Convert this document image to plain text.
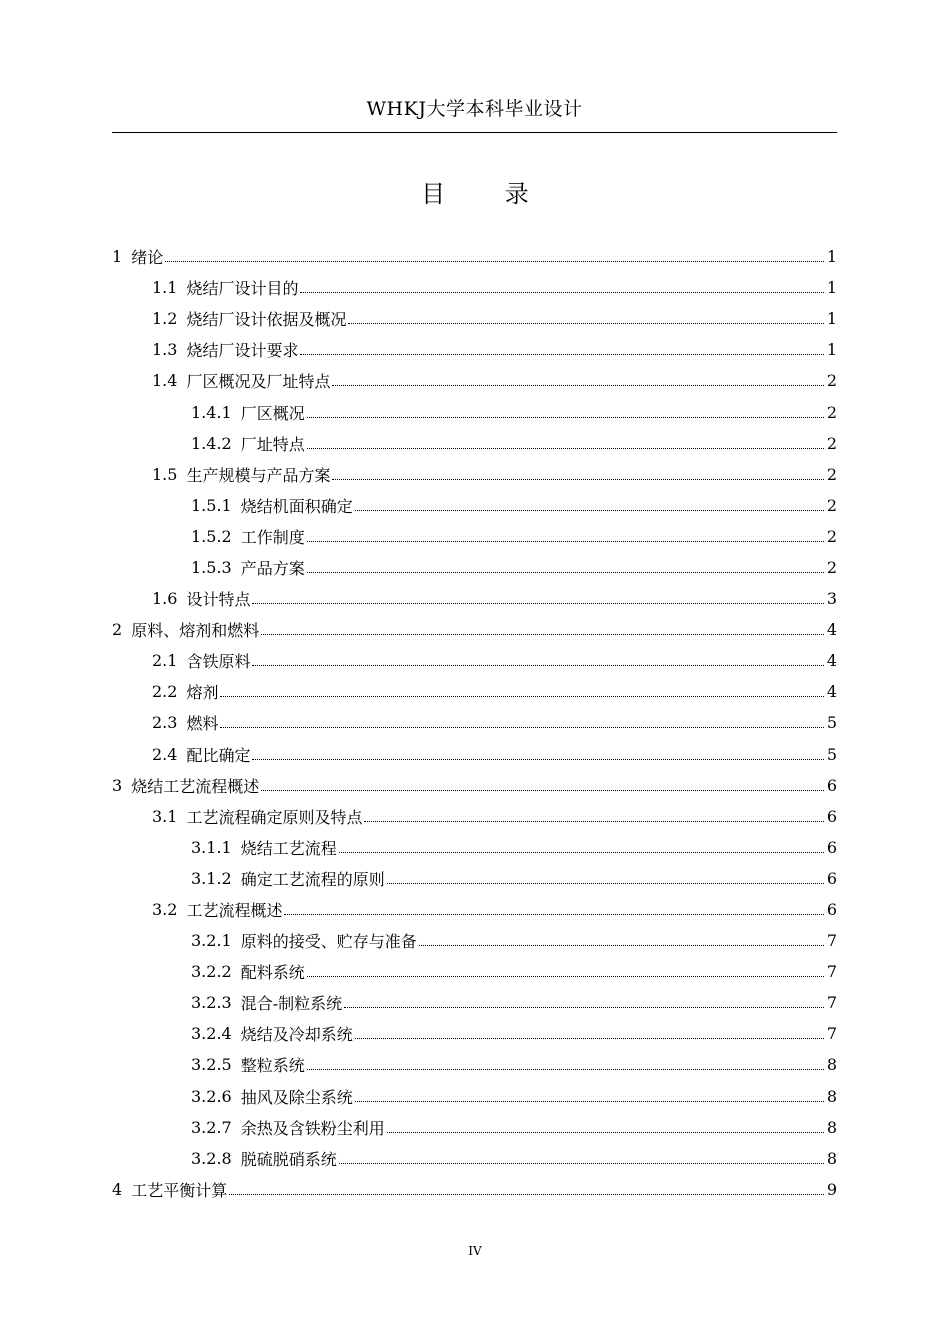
WHKJ大学本科毕业设计
目 录
1 绪论	1
1.1 烧结厂设计目的	1
1.2 烧结厂设计依据及概况	1
1.3 烧结厂设计要求	1
1.4 厂区概况及厂址特点	2
1.4.1 厂区概况	2
1.4.2 厂址特点	2
1.5 生产规模与产品方案	2
1.5.1 烧结机面积确定	2
1.5.2 工作制度	2
1.5.3 产品方案	2
1.6 设计特点	3
2 原料、熔剂和燃料	4
2.1 含铁原料	4
2.2 熔剂	4
2.3 燃料	5
2.4 配比确定	5
3 烧结工艺流程概述	6
3.1 工艺流程确定原则及特点	6
3.1.1 烧结工艺流程	6
3.1.2 确定工艺流程的原则	6
3.2 工艺流程概述	6
3.2.1 原料的接受、贮存与准备	7
3.2.2 配料系统	7
3.2.3 混合-制粒系统	7
3.2.4 烧结及冷却系统	7
3.2.5 整粒系统	8
3.2.6 抽风及除尘系统	8
3.2.7 余热及含铁粉尘利用	8
3.2.8 脱硫脱硝系统	8
4 工艺平衡计算	9
IV
